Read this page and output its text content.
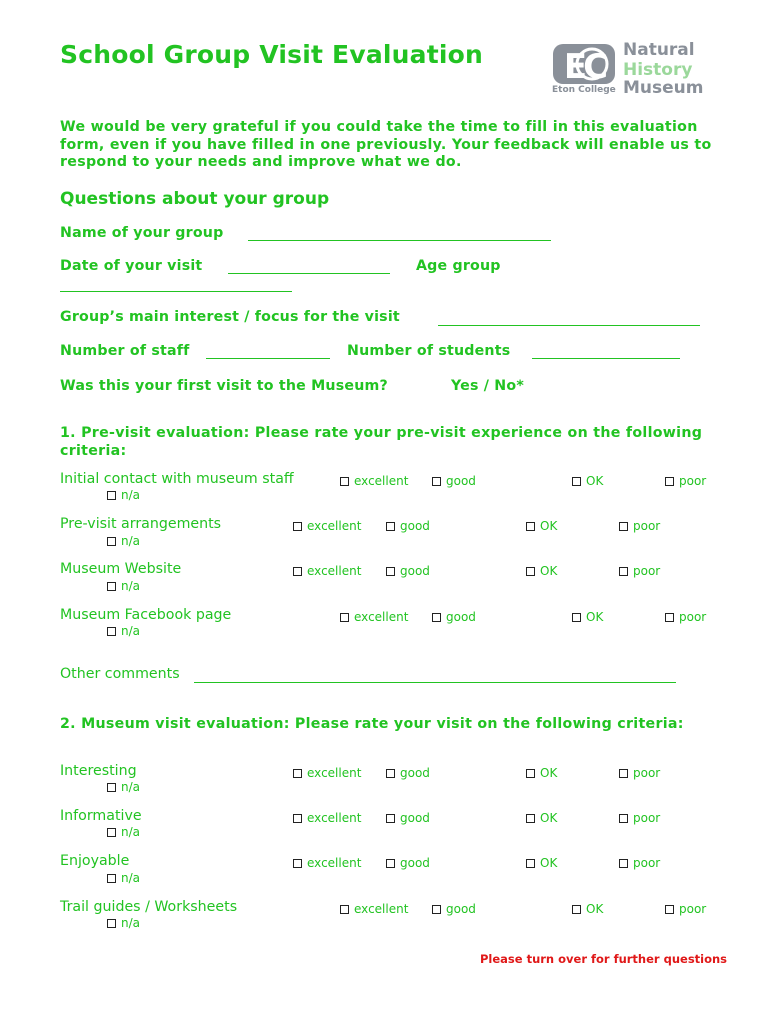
School Group Visit Evaluation EC Natural
History
Museum
Eton College
We would be very grateful if you could take the time to fill in this evaluation form, even if you have filled in one previously. Your feedback will enable us to respond to your needs and improve what we do.
Questions about your group
Name of your group
Date of your visit	Age group
Group’s main interest / focus for the visit
Number of staff	Number of students
Was this your first visit to the Museum?	Yes / No*
1. Pre-visit evaluation: Please rate your pre-visit experience on the following criteria:
Initial contact with museum staff	excellent	good	OK	poor
n/a
Pre-visit arrangements	excellent	good	OK	poor
n/a
Museum Website	excellent	good	OK	poor
n/a
Museum Facebook page	excellent	good	OK	poor
n/a
Other comments
2. Museum visit evaluation: Please rate your visit on the following criteria:
Interesting	excellent	good	OK	poor
n/a
Informative	excellent	good	OK	poor
n/a
Enjoyable	excellent	good	OK	poor
n/a
Trail guides / Worksheets	excellent	good	OK	poor
n/a
Please turn over for further questions
